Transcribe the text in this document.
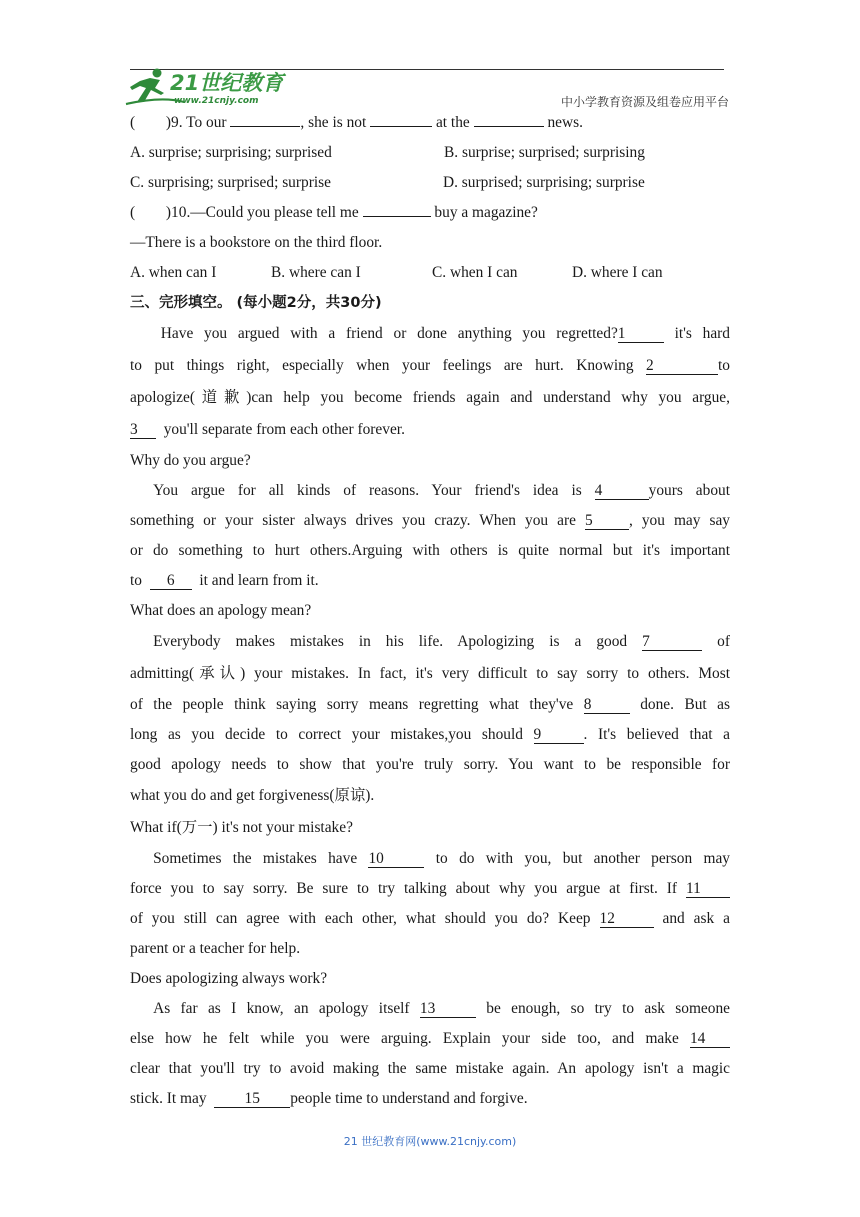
21世纪教育
www.21cnjy.com	中小学教育资源及组卷应用平台
(        )9. To our	, she is not	at the	news.
A. surprise; surprising; surprised	B. surprise; surprised; surprising
C. surprising; surprised; surprise	D. surprised; surprising; surprise
(        )10.—Could you please tell me	buy a magazine?
—There is a bookstore on the third floor.
A. when can I	B. where can I	C. when I can	D. where I can
三、完形填空。 (每小题2分，共30分)
Have you argued with a friend or done anything you regretted?1	it's hard
to put things right, especially when your feelings are hurt. Knowing 2	to
apologize(道歉)can help you become friends again and understand why you argue,
3 you'll separate from each other forever.
Why do you argue?
You argue for all kinds of reasons. Your friend's idea is 4	yours about
something or your sister always drives you crazy. When you are 5 , you may say
or do something to hurt others.Arguing with others is quite normal but it's important
to 6 it and learn from it.
What does an apology mean?
Everybody makes mistakes in his life. Apologizing is a good 7	of
admitting(承认) your mistakes. In fact, it's very difficult to say sorry to others. Most
of the people think saying sorry means regretting what they've 8	done. But as
long as you decide to correct your mistakes,you should 9	. It's believed that a
good apology needs to show that you're truly sorry. You want to be responsible for
what you do and get forgiveness(原谅).
What if(万一) it's not your mistake?
Sometimes the mistakes have 10	to do with you, but another person may
force you to say sorry. Be sure to try talking about why you argue at first. If 11
of you still can agree with each other, what should you do? Keep 12	and ask a
parent or a teacher for help.
Does apologizing always work?
As far as I know, an apology itself 13	be enough, so try to ask someone
else how he felt while you were arguing. Explain your side too, and make 14
clear that you'll try to avoid making the same mistake again. An apology isn't a magic
stick. It may 15 people time to understand and forgive.
21 世纪教育网(www.21cnjy.com)
